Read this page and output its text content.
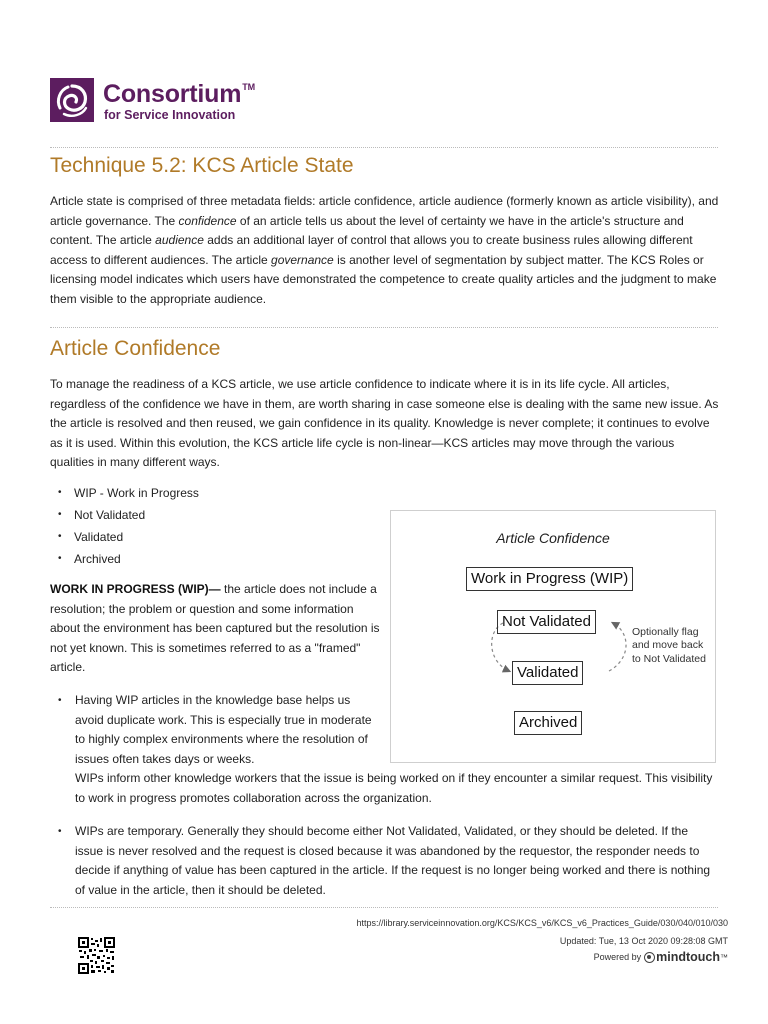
Consortium™
for Service Innovation
Technique 5.2: KCS Article State

Article state is comprised of three metadata fields: article confidence, article audience (formerly known as article visibility), and article governance. The confidence of an article tells us about the level of certainty we have in the article's structure and content. The article audience adds an additional layer of control that allows you to create business rules allowing different access to different audiences. The article governance is another level of segmentation by subject matter. The KCS Roles or licensing model indicates which users have demonstrated the competence to create quality articles and the judgment to make them visible to the appropriate audience.

Article Confidence

To manage the readiness of a KCS article, we use article confidence to indicate where it is in its life cycle. All articles, regardless of the confidence we have in them, are worth sharing in case someone else is dealing with the same new issue. As the article is resolved and then reused, we gain confidence in its quality. Knowledge is never complete; it continues to evolve as it is used. Within this evolution, the KCS article life cycle is non-linear—KCS articles may move through the various qualities in many different ways.

• WIP - Work in Progress
• Not Validated
• Validated
• Archived

WORK IN PROGRESS (WIP)— the article does not include a resolution; the problem or question and some information about the environment has been captured but the resolution is not yet known. This is sometimes referred to as a "framed" article.

• Having WIP articles in the knowledge base helps us avoid duplicate work. This is especially true in moderate to highly complex environments where the resolution of issues often takes days or weeks.
WIPs inform other knowledge workers that the issue is being worked on if they encounter a similar request. This visibility to work in progress promotes collaboration across the organization.

• WIPs are temporary. Generally they should become either Not Validated, Validated, or they should be deleted. If the issue is never resolved and the request is closed because it was abandoned by the requestor, the responder needs to decide if anything of value has been captured in the article. If the request is no longer being worked and there is nothing of value in the article, then it should be deleted.

Article Confidence
Work in Progress (WIP)
Not Validated
Validated
Archived
Optionally flag and move back to Not Validated
https://library.serviceinnovation.org/KCS/KCS_v6/KCS_v6_Practices_Guide/030/040/010/030
Updated: Tue, 13 Oct 2020 09:28:08 GMT
Powered by mindtouch ™
